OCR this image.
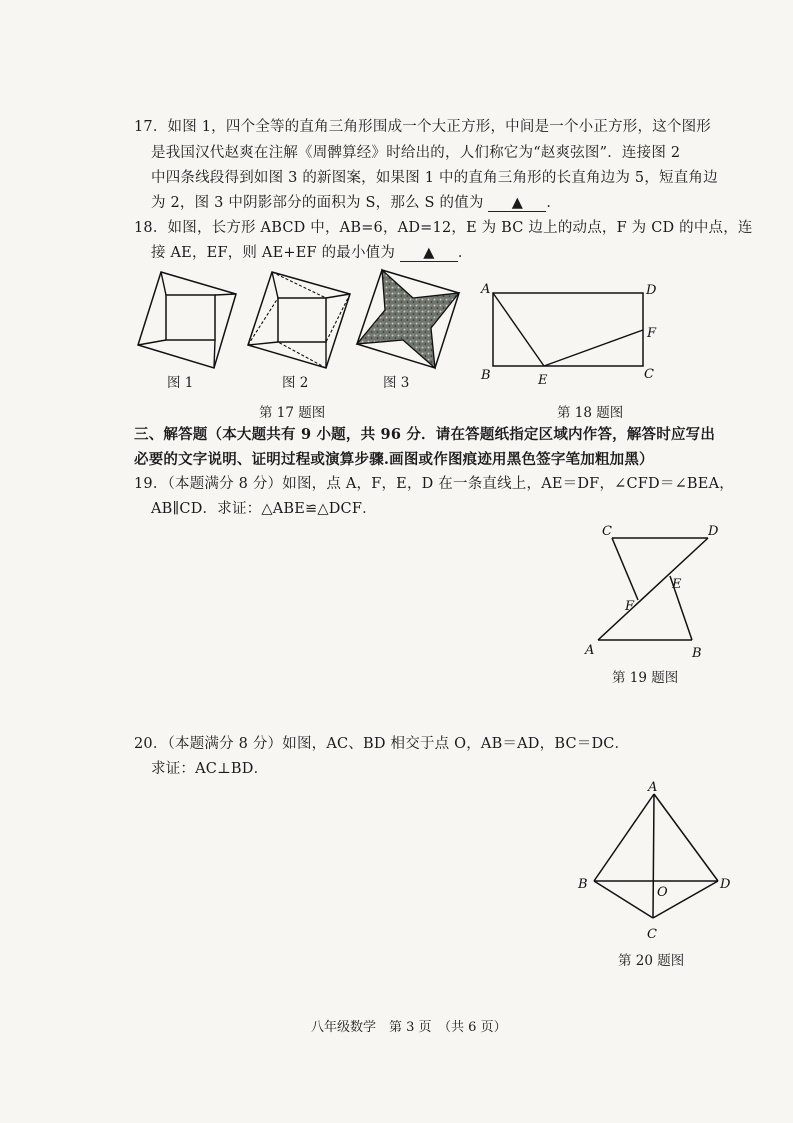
17．如图 1，四个全等的直角三角形围成一个大正方形，中间是一个小正方形，这个图形
是我国汉代赵爽在注解《周髀算经》时给出的，人们称它为“赵爽弦图”．连接图 2
中四条线段得到如图 3 的新图案，如果图 1 中的直角三角形的长直角边为 5，短直角边
为 2，图 3 中阴影部分的面积为 S，那么 S 的值为 ▲ ．
18．如图，长方形 ABCD 中，AB=6，AD=12，E 为 BC 边上的动点，F 为 CD 的中点，连
接 AE，EF，则 AE+EF 的最小值为 ▲ ．
图 1	图 2	图 3
第 17 题图
A	D
F
B	E	C
第 18 题图
三、解答题（本大题共有 9 小题，共 96 分．请在答题纸指定区域内作答，解答时应写出
必要的文字说明、证明过程或演算步骤.画图或作图痕迹用黑色签字笔加粗加黑）
19．（本题满分 8 分）如图，点 A，F，E，D 在一条直线上，AE＝DF，∠CFD＝∠BEA，
AB∥CD．求证：△ABE≌△DCF．
C	D
E
F
A	B
第 19 题图
20．（本题满分 8 分）如图，AC、BD 相交于点 O，AB＝AD，BC＝DC．
求证：AC⊥BD．
A
B	D
O
C
第 20 题图
八年级数学　第 3 页　（共 6 页）
